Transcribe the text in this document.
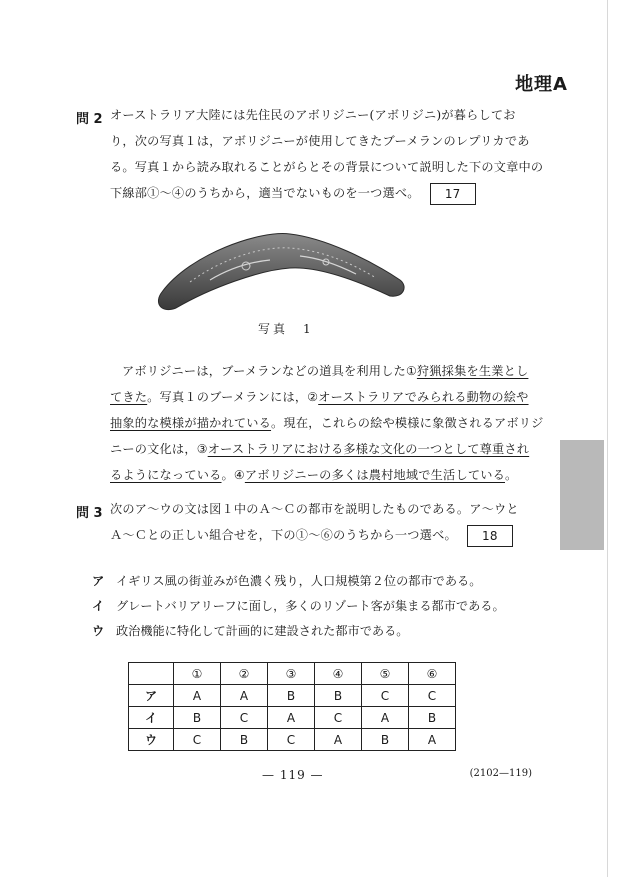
地理A
問 2 オーストラリア大陸には先住民のアボリジニー(アボリジニ)が暮らしてお

り，次の写真１は，アボリジニーが使用してきたブーメランのレプリカであ

る。写真１から読み取れることがらとその背景について説明した下の文章中の

下線部①～④のうちから，適当でないものを一つ選べ。 17

写真　1

アボリジニーは，ブーメランなどの道具を利用した①狩猟採集を生業とし

てきた。写真１のブーメランには，②オーストラリアでみられる動物の絵や

抽象的な模様が描かれている。現在，これらの絵や模様に象徴されるアボリジ

ニーの文化は，③オーストラリアにおける多様な文化の一つとして尊重され

るようになっている。④アボリジニーの多くは農村地域で生活している。

問 3 次のア～ウの文は図１中のＡ～Ｃの都市を説明したものである。ア～ウと

Ａ～Ｃとの正しい組合せを，下の①～⑥のうちから一つ選べ。 18

ア イギリス風の街並みが色濃く残り，人口規模第２位の都市である。
イ グレートバリアリーフに面し，多くのリゾート客が集まる都市である。
ウ 政治機能に特化して計画的に建設された都市である。
	①	②	③	④	⑤	⑥
ア	A	A	B	B	C	C
イ	B	C	A	C	A	B
ウ	C	B	C	A	B	A
— 119 —	(2102—119)
